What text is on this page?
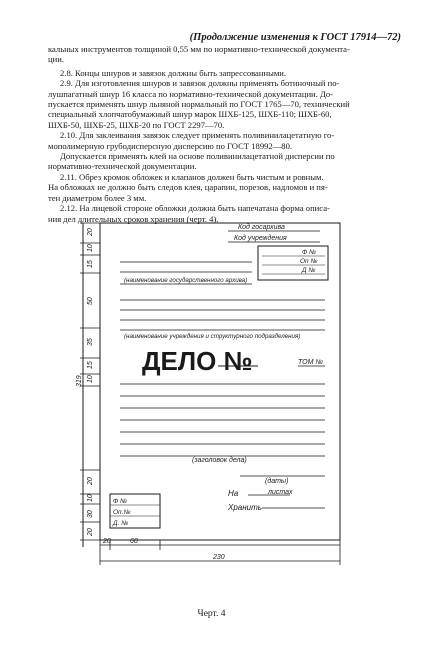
(Продолжение изменения к ГОСТ 17914—72)

кальных инструментов толщиной 0,55 мм по нормативно-технической документа-

ции.

2.8. Концы шнуров и завязок должны быть запрессованными.

2.9. Для изготовления шнуров и завязок должны применять ботиночный по-

лушпагатный шнур 16 класса по нормативно-технической документации. До-

пускается применять шнур льняной нормальный по ГОСТ 1765—70, технический

специальный хлопчатобумажный шнур марок ШХБ-125, ШХБ-110; ШХБ-60,

ШХБ-50, ШХБ-25, ШХБ-20 по ГОСТ 2297—70.

2.10. Для заклеивания завязок следует применять поливинилацетатную го-

мополимерную грубодисперсную дисперсию по ГОСТ 18992—80.

Допускается применять клей на основе поливинилацетатной дисперсии по

нормативно-технической документации.

2.11. Обрез кромок обложек и клапанов должен быть чистым и ровным.

На обложках не должно быть следов клея, царапин, порезов, надломов и пя-

тен диаметром более 3 мм.

2.12. На лицевой стороне обложки должна быть напечатана форма описа-

ния дел длительных сроков хранения (черт. 4).

20
10
15
50
35
15
10
319
20
10
30
20
20	60
230
Код госархива
Код учреждения
Ф №
Оп №
Д №
(наименование государственного архива)
(наименование учреждения и структурного подразделения)
(заголовок дела)
(даты)
На	листах
Хранить
Ф №
Оп.№
Д. №
ТОМ №
ДЕЛО №
Черт. 4
